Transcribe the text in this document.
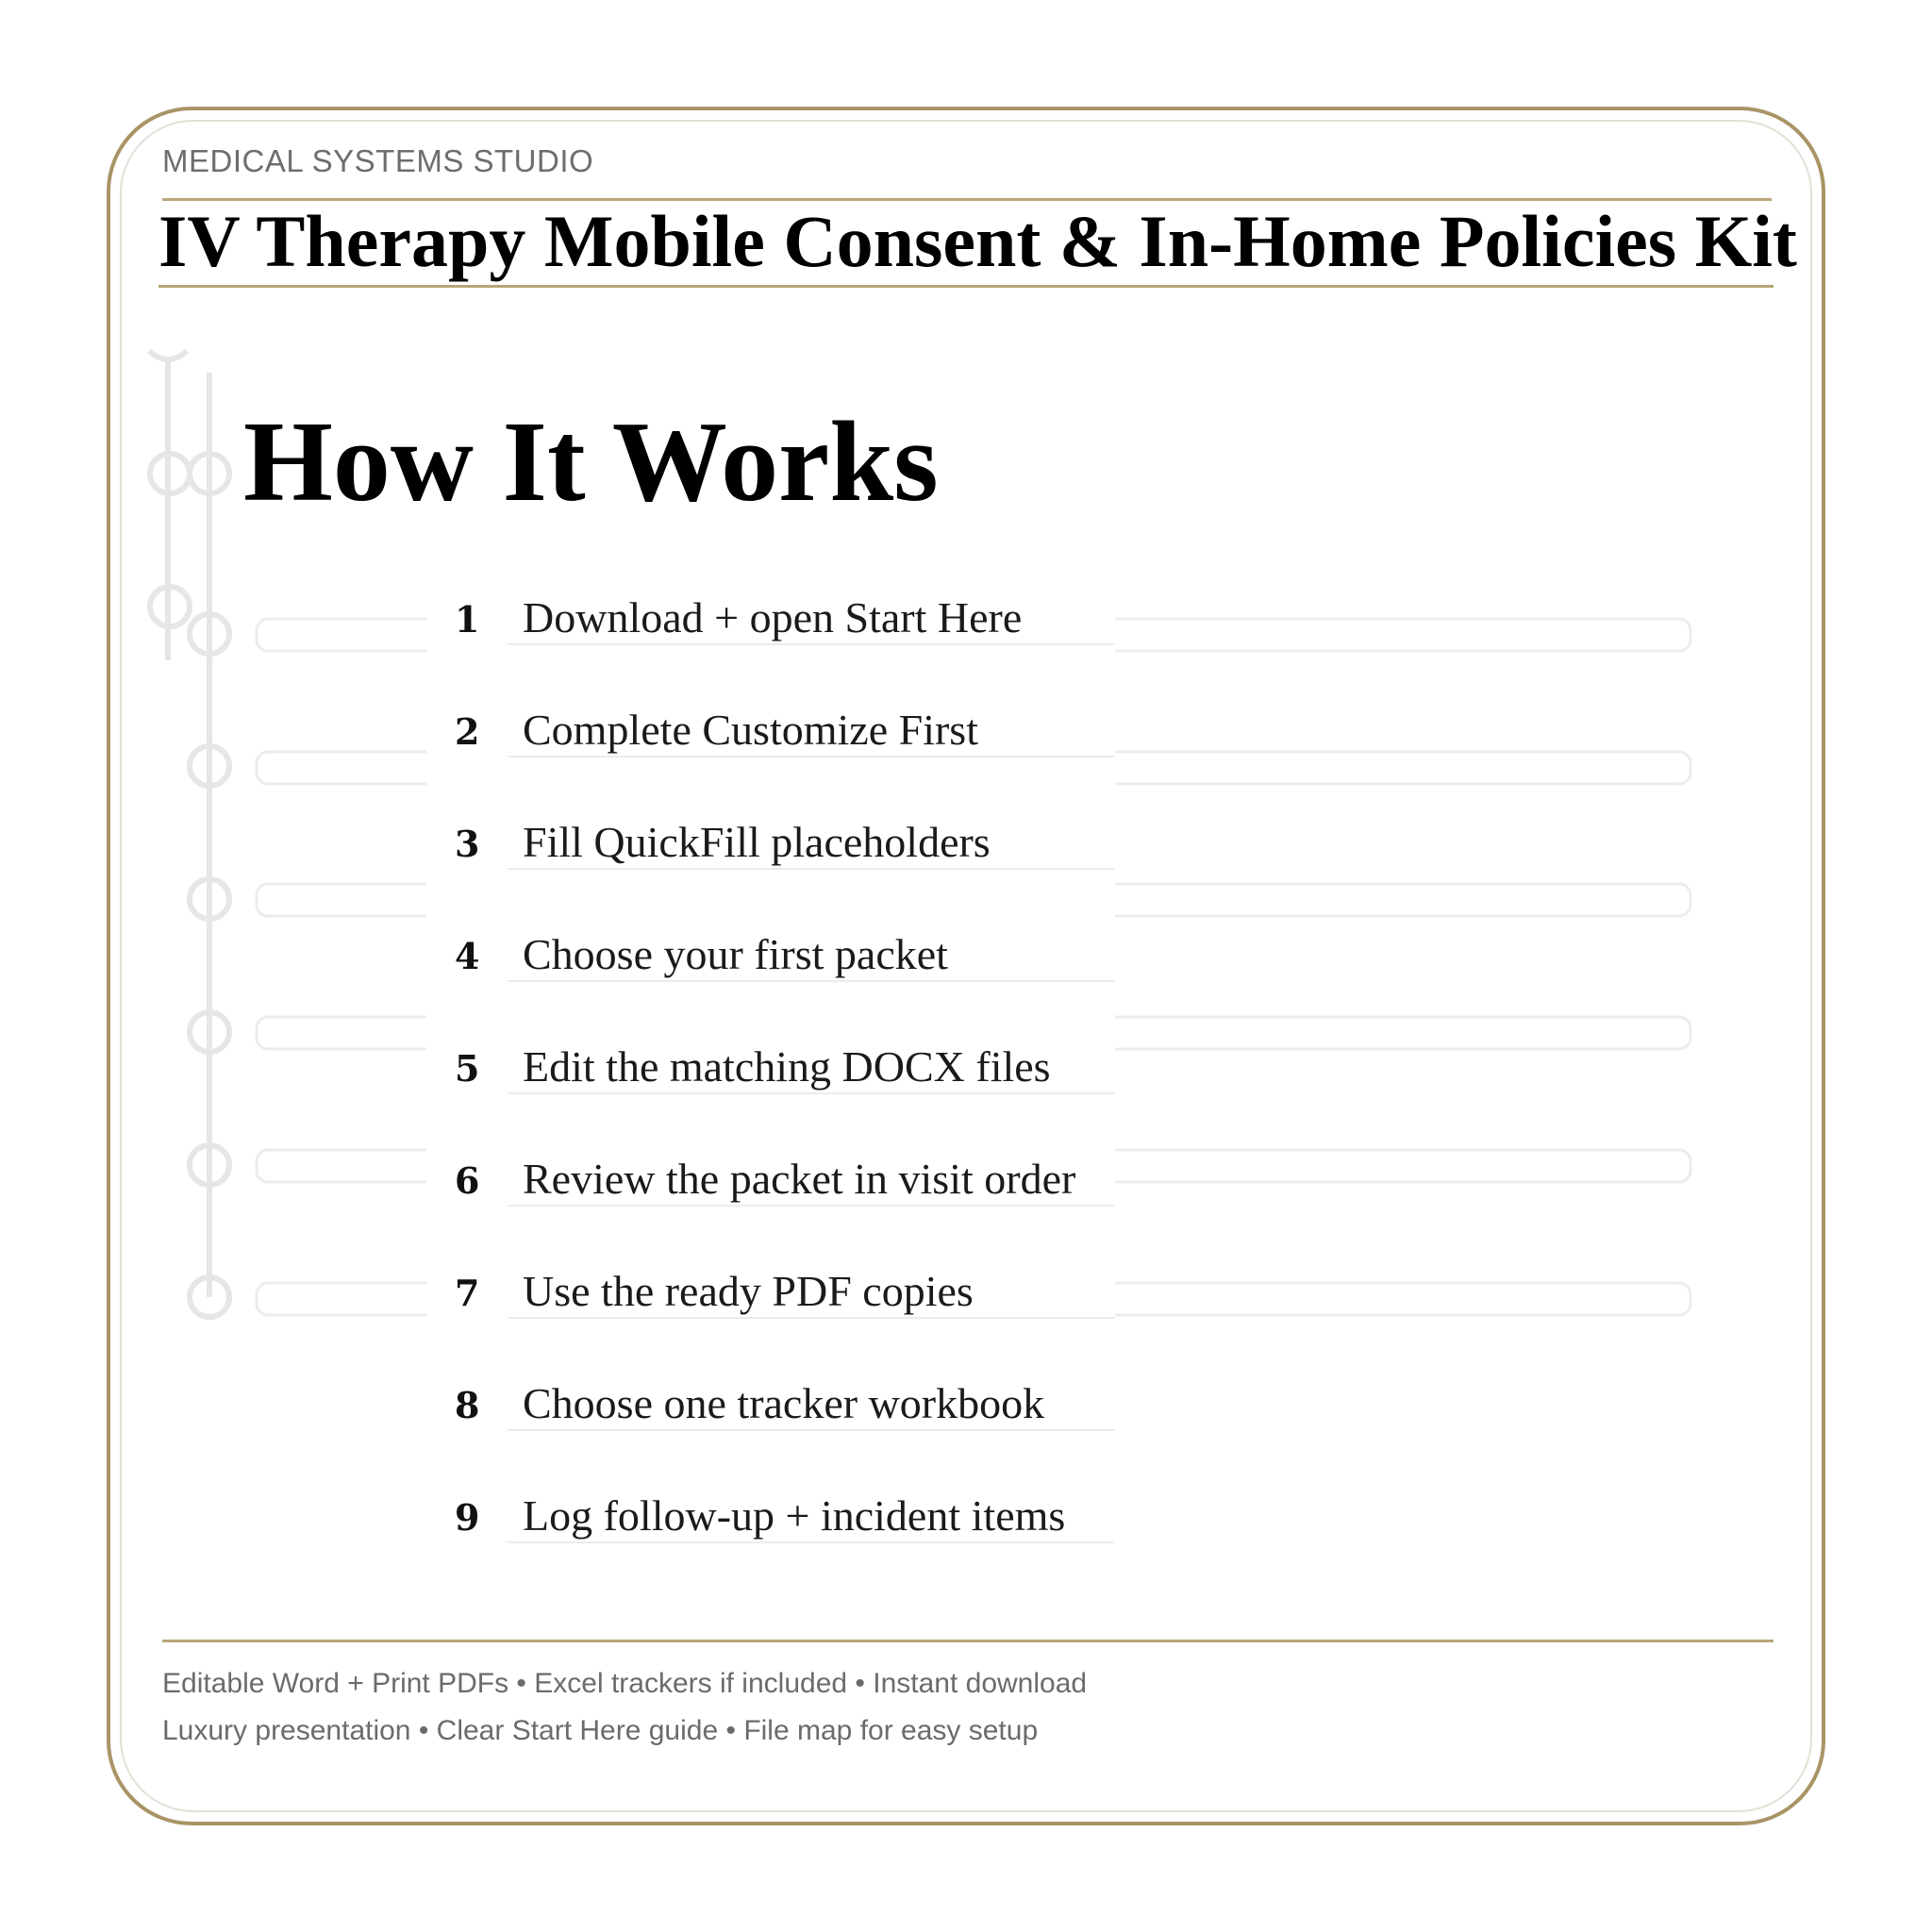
MEDICAL SYSTEMS STUDIO
IV Therapy Mobile Consent & In-Home Policies Kit
How It Works
1 Download + open Start Here
2 Complete Customize First
3 Fill QuickFill placeholders
4 Choose your first packet
5 Edit the matching DOCX files
6 Review the packet in visit order
7 Use the ready PDF copies
8 Choose one tracker workbook
9 Log follow-up + incident items
Editable Word + Print PDFs • Excel trackers if included • Instant download
Luxury presentation • Clear Start Here guide • File map for easy setup
